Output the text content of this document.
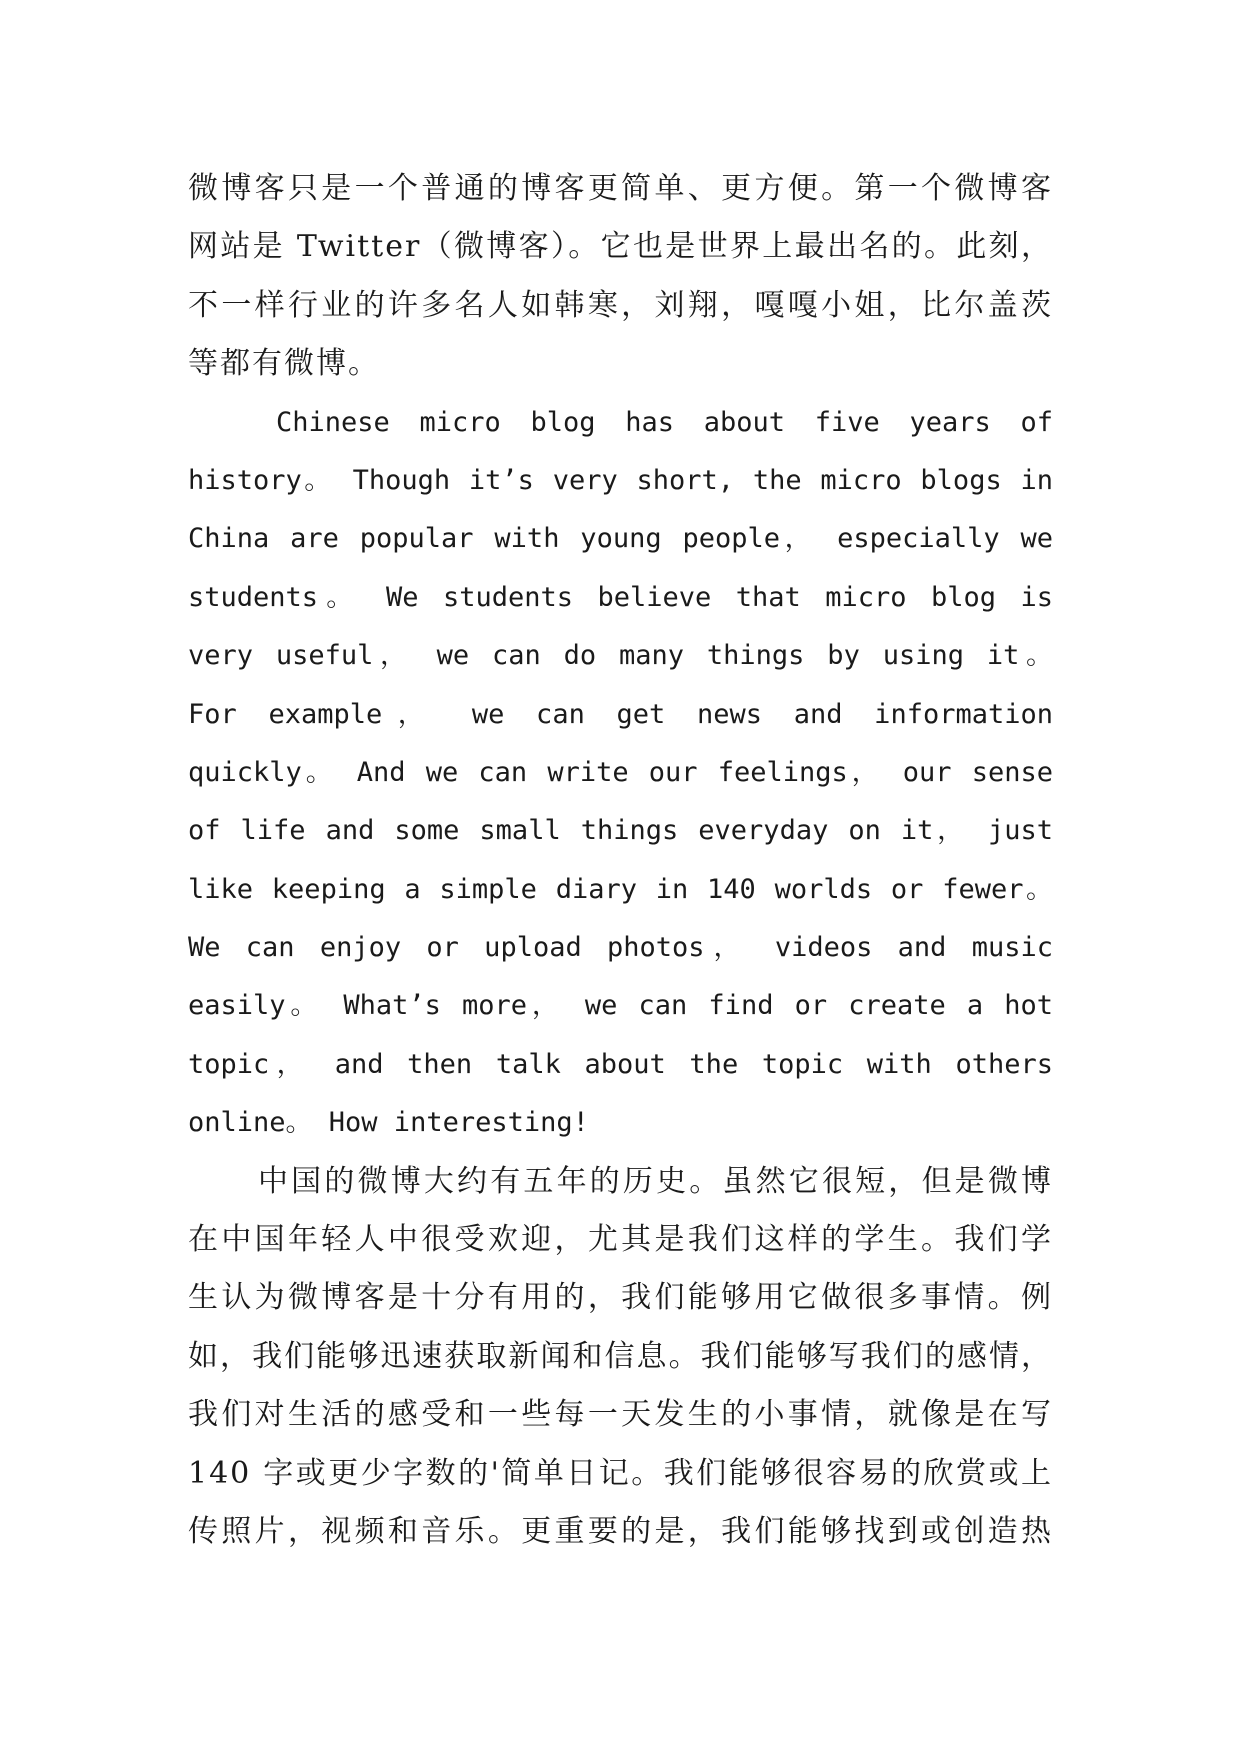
微博客只是一个普通的博客更简单、更方便。第一个微博客
网站是 Twitter（微博客）。它也是世界上最出名的。此刻，
不一样行业的许多名人如韩寒，刘翔，嘎嘎小姐，比尔盖茨
等都有微博。
Chinese micro blog has about five years of
history。 Though it’s very short, the micro blogs in
China are popular with young people， especially we
students。 We students believe that micro blog is
very useful， we can do many things by using it。
For example， we can get news and information
quickly。 And we can write our feelings， our sense
of life and some small things everyday on it， just
like keeping a simple diary in 140 worlds or fewer。
We can enjoy or upload photos， videos and music
easily。 What’s more， we can find or create a hot
topic， and then talk about the topic with others
online。 How interesting!
中国的微博大约有五年的历史。虽然它很短，但是微博
在中国年轻人中很受欢迎，尤其是我们这样的学生。我们学
生认为微博客是十分有用的，我们能够用它做很多事情。例
如，我们能够迅速获取新闻和信息。我们能够写我们的感情，
我们对生活的感受和一些每一天发生的小事情，就像是在写
140 字或更少字数的'简单日记。我们能够很容易的欣赏或上
传照片，视频和音乐。更重要的是，我们能够找到或创造热
